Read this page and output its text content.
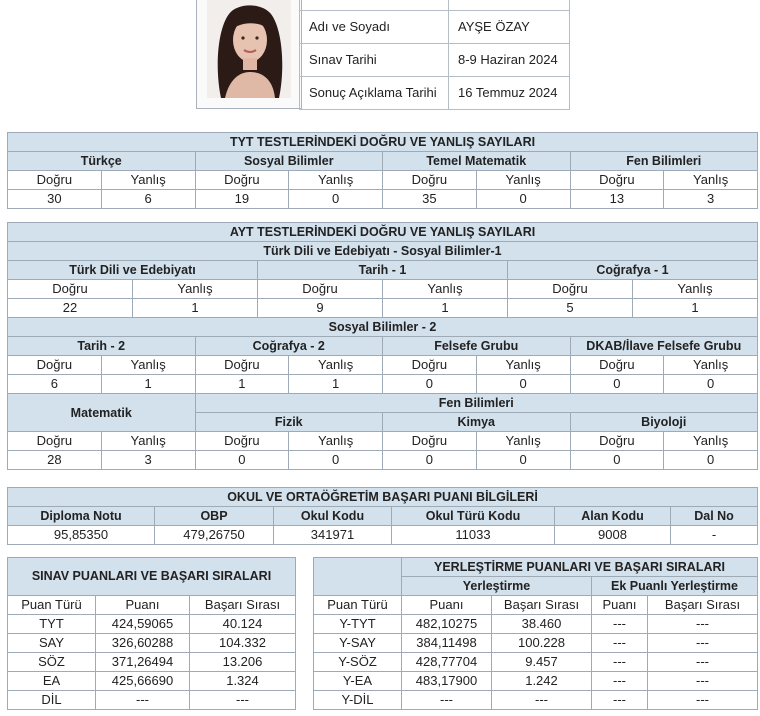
Adı ve Soyadı	AYŞE ÖZAY
Sınav Tarihi	8-9 Haziran 2024
Sonuç Açıklama Tarihi	16 Temmuz 2024
TYT TESTLERİNDEKİ DOĞRU VE YANLIŞ SAYILARI							
Türkçe		Sosyal Bilimler		Temel Matematik		Fen Bilimleri	
Doğru	Yanlış	Doğru	Yanlış	Doğru	Yanlış	Doğru	Yanlış
30	6	19	0	35	0	13	3
AYT TESTLERİNDEKİ DOĞRU VE YANLIŞ SAYILARI											
Türk Dili ve Edebiyatı - Sosyal Bilimler-1											
Türk Dili ve Edebiyatı				Tarih - 1				Coğrafya - 1			
Doğru		Yanlış		Doğru		Yanlış		Doğru		Yanlış	
22		1		9		1		5		1	
Sosyal Bilimler - 2											
Tarih - 2			Coğrafya - 2			Felsefe Grubu			DKAB/İlave Felsefe Grubu		
Doğru	Yanlış		Doğru		Yanlış	Doğru	Yanlış		Doğru		Yanlış
6	1		1		1	0	0		0		0
Matematik			Fen Bilimleri								
			Fizik			Kimya			Biyoloji		
Doğru	Yanlış		Doğru		Yanlış	Doğru	Yanlış		Doğru		Yanlış
28	3		0		0	0	0		0		0
OKUL VE ORTAÖĞRETİM BAŞARI PUANI BİLGİLERİ					
Diploma Notu	OBP	Okul Kodu	Okul Türü Kodu	Alan Kodu	Dal No
95,85350	479,26750	341971	11033	9008	-
SINAV PUANLARI VE BAŞARI SIRALARI		
Puan Türü	Puanı	Başarı Sırası
TYT	424,59065	40.124
SAY	326,60288	104.332
SÖZ	371,26494	13.206
EA	425,66690	1.324
DİL	---	---
	YERLEŞTİRME PUANLARI VE BAŞARI SIRALARI			
	Yerleştirme		Ek Puanlı Yerleştirme	
Puan Türü	Puanı	Başarı Sırası	Puanı	Başarı Sırası
Y-TYT	482,10275	38.460	---	---
Y-SAY	384,11498	100.228	---	---
Y-SÖZ	428,77704	9.457	---	---
Y-EA	483,17900	1.242	---	---
Y-DİL	---	---	---	---
